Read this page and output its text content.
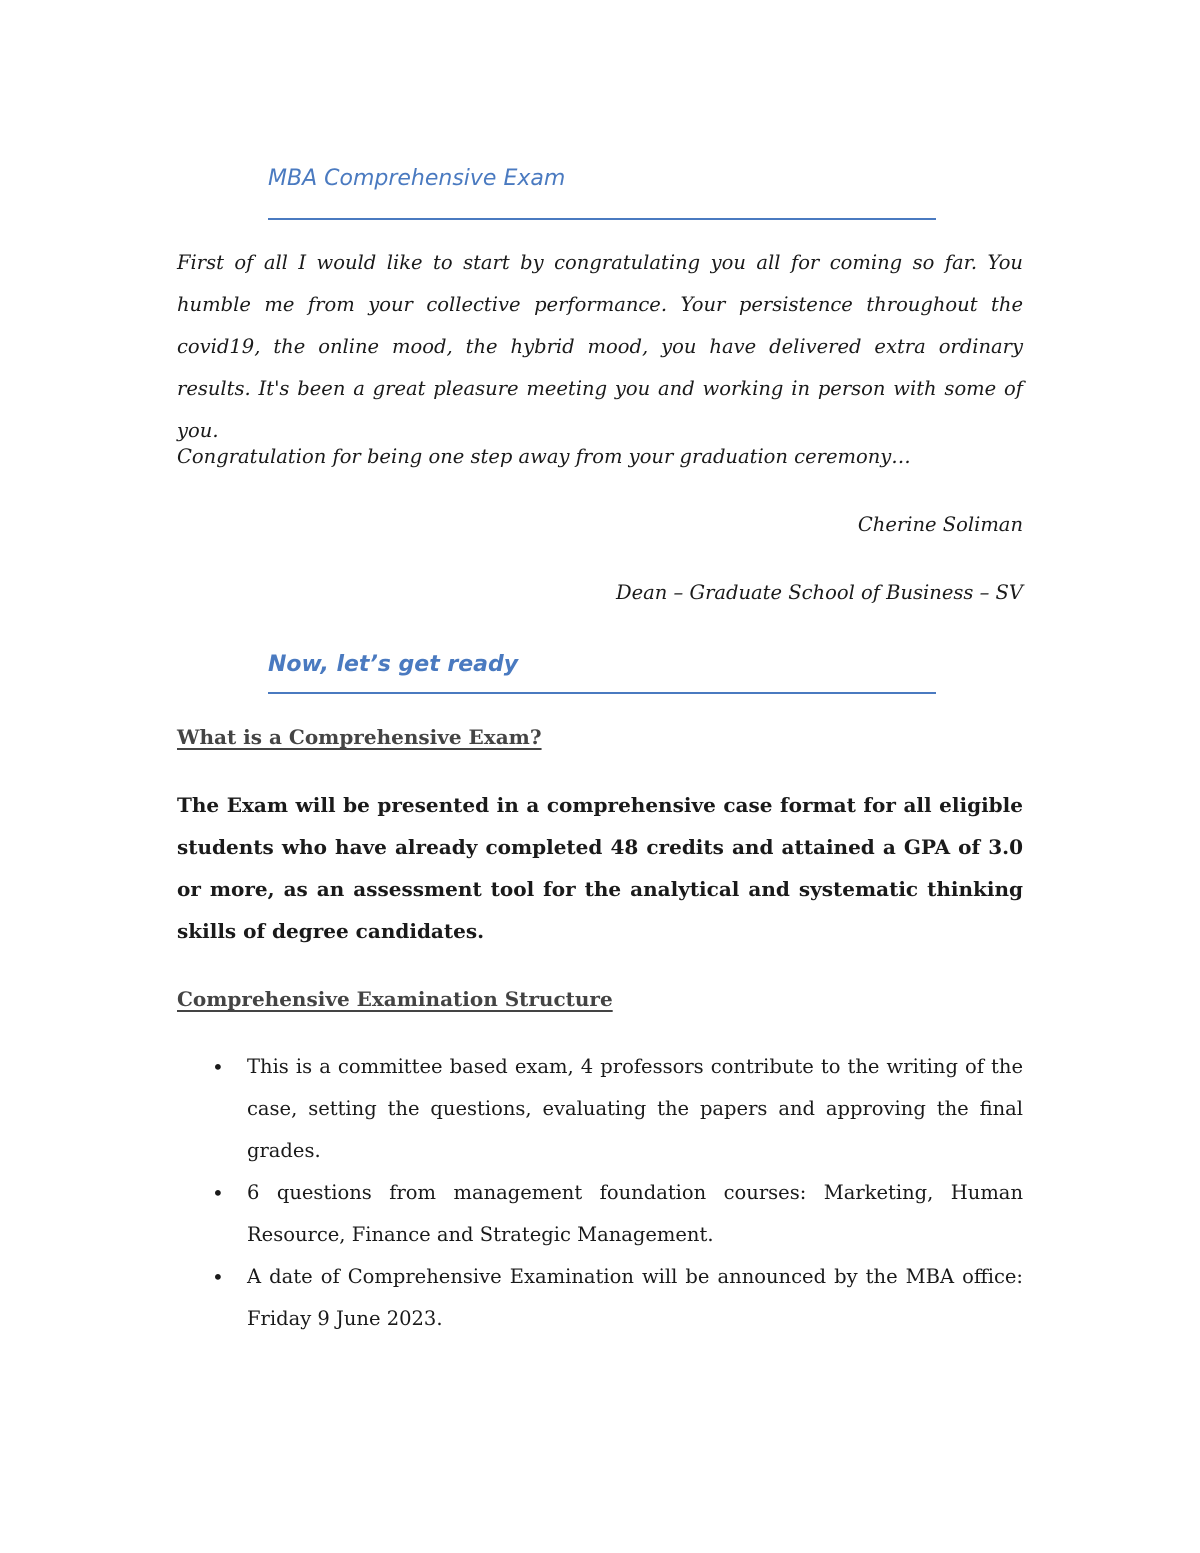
MBA Comprehensive Exam

First of all I would like to start by congratulating you all for coming so far. You humble me from your collective performance. Your persistence throughout the covid19, the online mood, the hybrid mood, you have delivered extra ordinary results. It's been a great pleasure meeting you and working in person with some of you.

Congratulation for being one step away from your graduation ceremony…

Cherine Soliman
Dean – Graduate School of Business – SV
Now, let’s get ready

What is a Comprehensive Exam?

The Exam will be presented in a comprehensive case format for all eligible students who have already completed 48 credits and attained a GPA of 3.0 or more, as an assessment tool for the analytical and systematic thinking skills of degree candidates.

Comprehensive Examination Structure

• This is a committee based exam, 4 professors contribute to the writing of the case, setting the questions, evaluating the papers and approving the final grades.
• 6 questions from management foundation courses: Marketing, Human Resource, Finance and Strategic Management.
• A date of Comprehensive Examination will be announced by the MBA office: Friday 9 June 2023.
